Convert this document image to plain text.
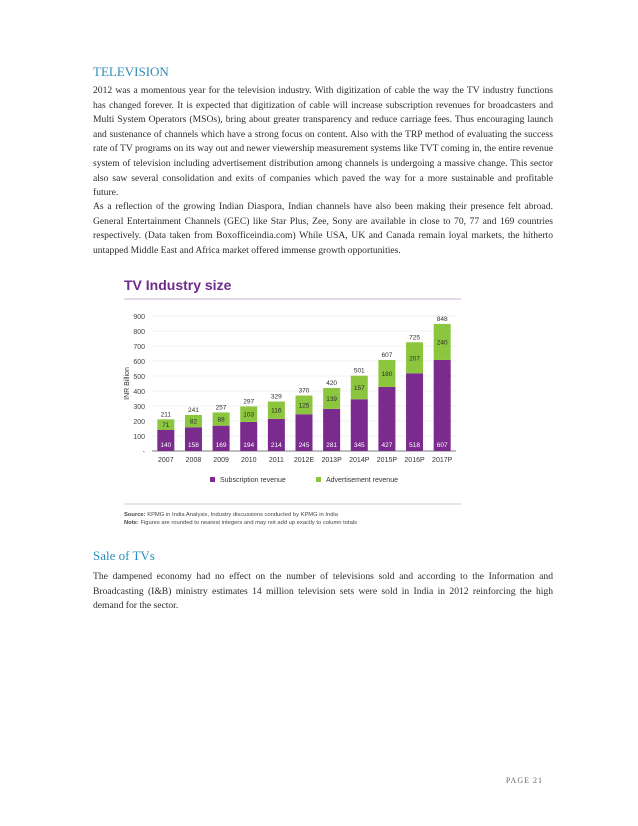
TELEVISION

2012 was a momentous year for the television industry. With digitization of cable the way the TV industry functions has changed forever. It is expected that digitization of cable will increase subscription revenues for broadcasters and Multi System Operators (MSOs), bring about greater transparency and reduce carriage fees. Thus encouraging launch and sustenance of channels which have a strong focus on content. Also with the TRP method of evaluating the success rate of TV programs on its way out and newer viewership measurement systems like TVT coming in, the entire revenue system of television including advertisement distribution among channels is undergoing a massive change. This sector also saw several consolidation and exits of companies which paved the way for a more sustainable and profitable future.

As a reflection of the growing Indian Diaspora, Indian channels have also been making their presence felt abroad. General Entertainment Channels (GEC) like Star Plus, Zee, Sony are available in close to 70, 77 and 169 countries respectively. (Data taken from Boxofficeindia.com) While USA, UK and Canada remain loyal markets, the hitherto untapped Middle East and Africa market offered immense growth opportunities.

TV Industry size
-
100
200
300
400
500
600
700
800
900
INR Billion
140
71
211
2007
158
82
241
2008
169
88
257
2009
194
103
297
2010
214
116
329
2011
245
125
370
2012E
281
139
420
2013P
345
157
501
2014P
427
180
607
2015P
518
207
725
2016P
607
240
848
2017P
Subscription revenue	Advertisement revenue
Source: KPMG in India Analysis, Industry discussions conducted by KPMG in India
Note: Figures are rounded to nearest integers and may not add up exactly to column totals
Sale of TVs

The dampened economy had no effect on the number of televisions sold and according to the Information and Broadcasting (I&B) ministry estimates 14 million television sets were sold in India in 2012 reinforcing the high demand for the sector.

PAGE 21
